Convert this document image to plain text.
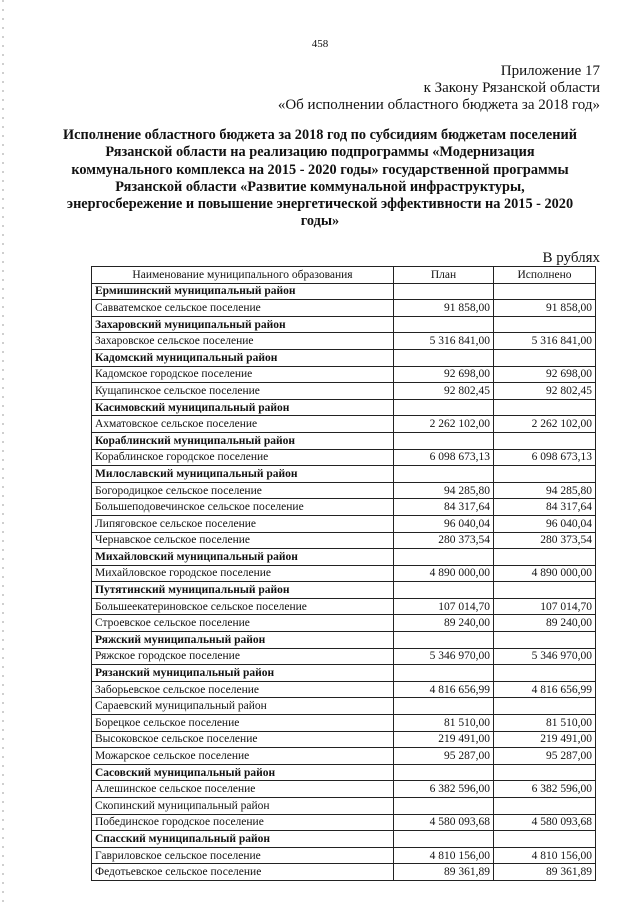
458
Приложение 17
к Закону Рязанской области
«Об исполнении областного бюджета за 2018 год»
Исполнение областного бюджета за 2018 год по субсидиям бюджетам поселений Рязанской области на реализацию подпрограммы «Модернизация коммунального комплекса на 2015 - 2020 годы» государственной программы Рязанской области «Развитие коммунальной инфраструктуры, энергосбережение и повышение энергетической эффективности на 2015 - 2020 годы»
В рублях
Наименование муниципального образования	План	Исполнено
Ермишинский муниципальный район		
Савватемское сельское поселение	91 858,00	91 858,00
Захаровский муниципальный район		
Захаровское сельское поселение	5 316 841,00	5 316 841,00
Кадомский муниципальный район		
Кадомское городское поселение	92 698,00	92 698,00
Кущапинское сельское поселение	92 802,45	92 802,45
Касимовский муниципальный район		
Ахматовское сельское поселение	2 262 102,00	2 262 102,00
Кораблинский муниципальный район		
Кораблинское городское поселение	6 098 673,13	6 098 673,13
Милославский муниципальный район		
Богородицкое сельское поселение	94 285,80	94 285,80
Большеподовечинское сельское поселение	84 317,64	84 317,64
Липяговское сельское поселение	96 040,04	96 040,04
Чернавское сельское поселение	280 373,54	280 373,54
Михайловский муниципальный район		
Михайловское городское поселение	4 890 000,00	4 890 000,00
Путятинский муниципальный район		
Большеекатериновское сельское поселение	107 014,70	107 014,70
Строевское сельское поселение	89 240,00	89 240,00
Ряжский муниципальный район		
Ряжское городское поселение	5 346 970,00	5 346 970,00
Рязанский муниципальный район		
Заборьевское сельское поселение	4 816 656,99	4 816 656,99
Сараевский муниципальный район		
Борецкое сельское поселение	81 510,00	81 510,00
Высоковское сельское поселение	219 491,00	219 491,00
Можарское сельское поселение	95 287,00	95 287,00
Сасовский муниципальный район		
Алешинское сельское поселение	6 382 596,00	6 382 596,00
Скопинский муниципальный район		
Побединское городское поселение	4 580 093,68	4 580 093,68
Спасский муниципальный район		
Гавриловское сельское поселение	4 810 156,00	4 810 156,00
Федотьевское сельское поселение	89 361,89	89 361,89
